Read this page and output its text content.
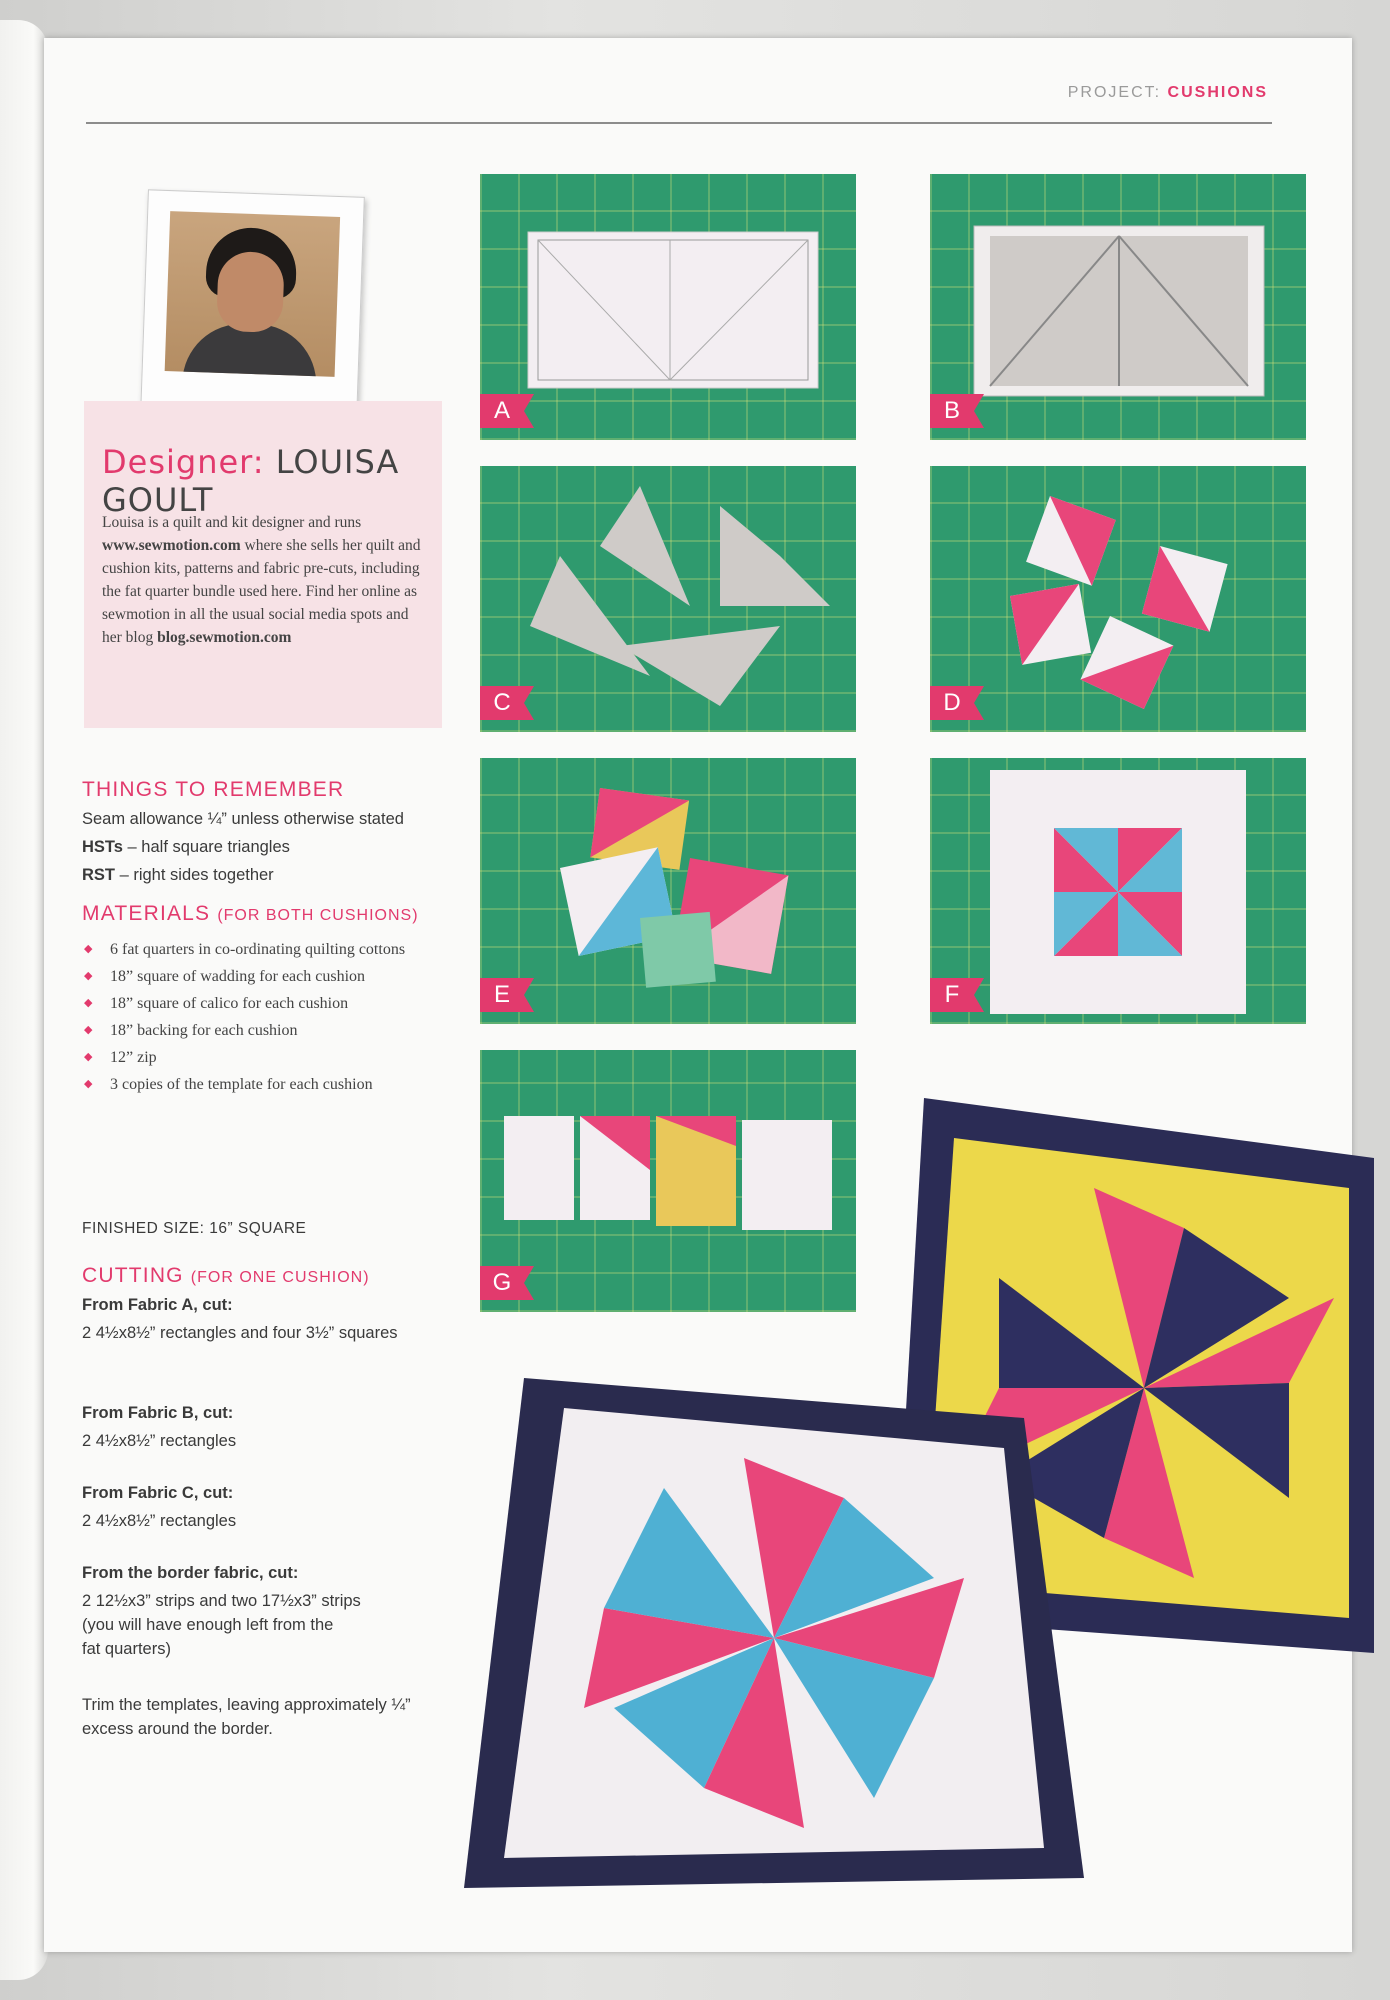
PROJECT: CUSHIONS
Designer: LOUISA GOULT
Louisa is a quilt and kit designer and runs www.sewmotion.com where she sells her quilt and cushion kits, patterns and fabric pre-cuts, including the fat quarter bundle used here. Find her online as sewmotion in all the usual social media spots and her blog blog.sewmotion.com
THINGS TO REMEMBER
Seam allowance ¼” unless otherwise stated
HSTs – half square triangles
RST – right sides together
MATERIALS (FOR BOTH CUSHIONS)
◆ 6 fat quarters in co-ordinating quilting cottons
◆ 18” square of wadding for each cushion
◆ 18” square of calico for each cushion
◆ 18” backing for each cushion
◆ 12” zip
◆ 3 copies of the template for each cushion
FINISHED SIZE: 16” SQUARE
CUTTING (FOR ONE CUSHION)
From Fabric A, cut:
2 4½x8½” rectangles and four 3½” squares
From Fabric B, cut:
2 4½x8½” rectangles
From Fabric C, cut:
2 4½x8½” rectangles
From the border fabric, cut:
2 12½x3” strips and two 17½x3” strips
(you will have enough left from the
fat quarters)
Trim the templates, leaving approximately ¼”
excess around the border.
A	B
C	D
E	F
G
